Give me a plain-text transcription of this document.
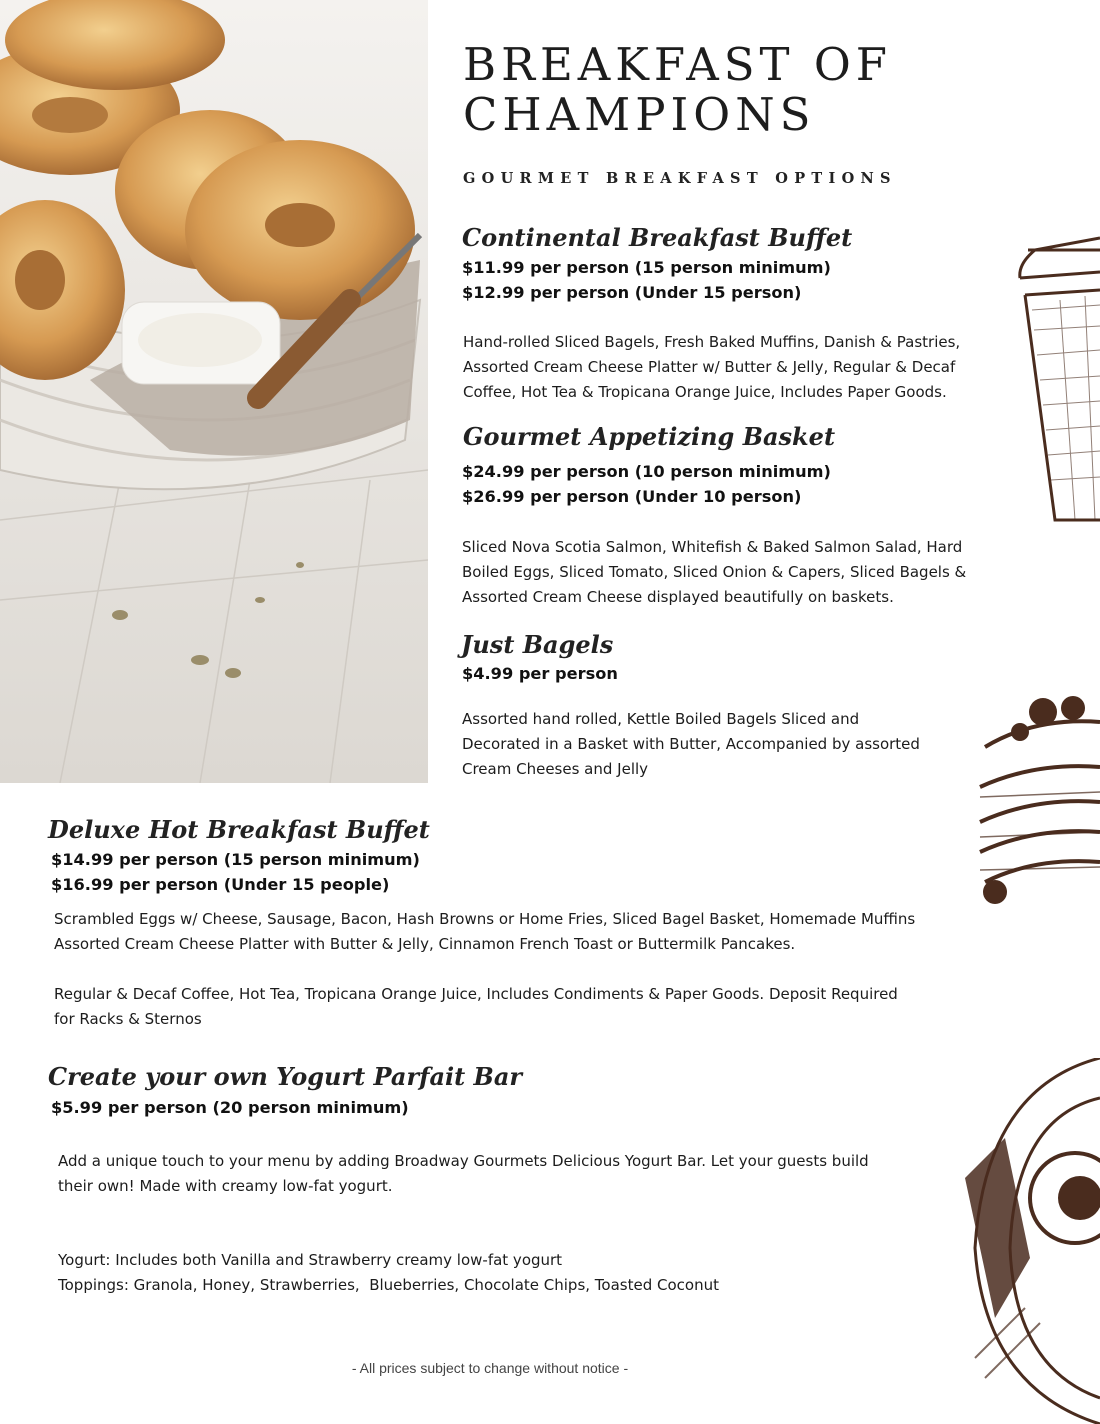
BREAKFAST OF
CHAMPIONS
GOURMET BREAKFAST OPTIONS
Continental Breakfast Buffet
$11.99 per person (15 person minimum)
$12.99 per person (Under 15 person)
Hand-rolled Sliced Bagels, Fresh Baked Muffins, Danish & Pastries,
Assorted Cream Cheese Platter w/ Butter & Jelly, Regular & Decaf
Coffee, Hot Tea & Tropicana Orange Juice, Includes Paper Goods.
Gourmet Appetizing Basket
$24.99 per person (10 person minimum)
$26.99 per person (Under 10 person)
Sliced Nova Scotia Salmon, Whitefish & Baked Salmon Salad, Hard
Boiled Eggs, Sliced Tomato, Sliced Onion & Capers, Sliced Bagels &
Assorted Cream Cheese displayed beautifully on baskets.
Just Bagels
$4.99 per person
Assorted hand rolled, Kettle Boiled Bagels Sliced and
Decorated in a Basket with Butter, Accompanied by assorted
Cream Cheeses and Jelly
Deluxe Hot Breakfast Buffet
$14.99 per person (15 person minimum)
$16.99 per person (Under 15 people)
Scrambled Eggs w/ Cheese, Sausage, Bacon, Hash Browns or Home Fries, Sliced Bagel Basket, Homemade Muffins
Assorted Cream Cheese Platter with Butter & Jelly, Cinnamon French Toast or Buttermilk Pancakes.
Regular & Decaf Coffee, Hot Tea, Tropicana Orange Juice, Includes Condiments & Paper Goods. Deposit Required
for Racks & Sternos
Create your own Yogurt Parfait Bar
$5.99 per person (20 person minimum)
Add a unique touch to your menu by adding Broadway Gourmets Delicious Yogurt Bar. Let your guests build
their own! Made with creamy low-fat yogurt.
Yogurt: Includes both Vanilla and Strawberry creamy low-fat yogurt
Toppings: Granola, Honey, Strawberries,  Blueberries, Chocolate Chips, Toasted Coconut
- All prices subject to change without notice -
